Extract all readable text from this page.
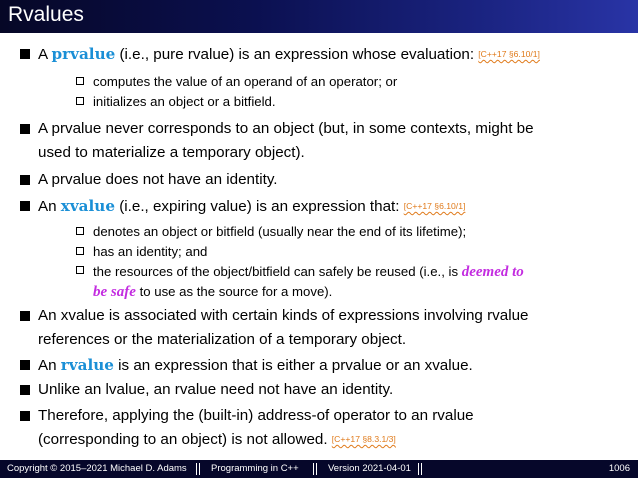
Rvalues
A prvalue (i.e., pure rvalue) is an expression whose evaluation: [C++17 §6.10/1]
computes the value of an operand of an operator; or
initializes an object or a bitfield.
A prvalue never corresponds to an object (but, in some contexts, might be
used to materialize a temporary object).
A prvalue does not have an identity.
An xvalue (i.e., expiring value) is an expression that: [C++17 §6.10/1]
denotes an object or bitfield (usually near the end of its lifetime);
has an identity; and
the resources of the object/bitfield can safely be reused (i.e., is deemed to
be safe to use as the source for a move).
An xvalue is associated with certain kinds of expressions involving rvalue
references or the materialization of a temporary object.
An rvalue is an expression that is either a prvalue or an xvalue.
Unlike an lvalue, an rvalue need not have an identity.
Therefore, applying the (built-in) address-of operator to an rvalue
(corresponding to an object) is not allowed. [C++17 §8.3.1/3]
Copyright © 2015–2021 Michael D. Adams	Programming in C++	Version 2021-04-01	1006
